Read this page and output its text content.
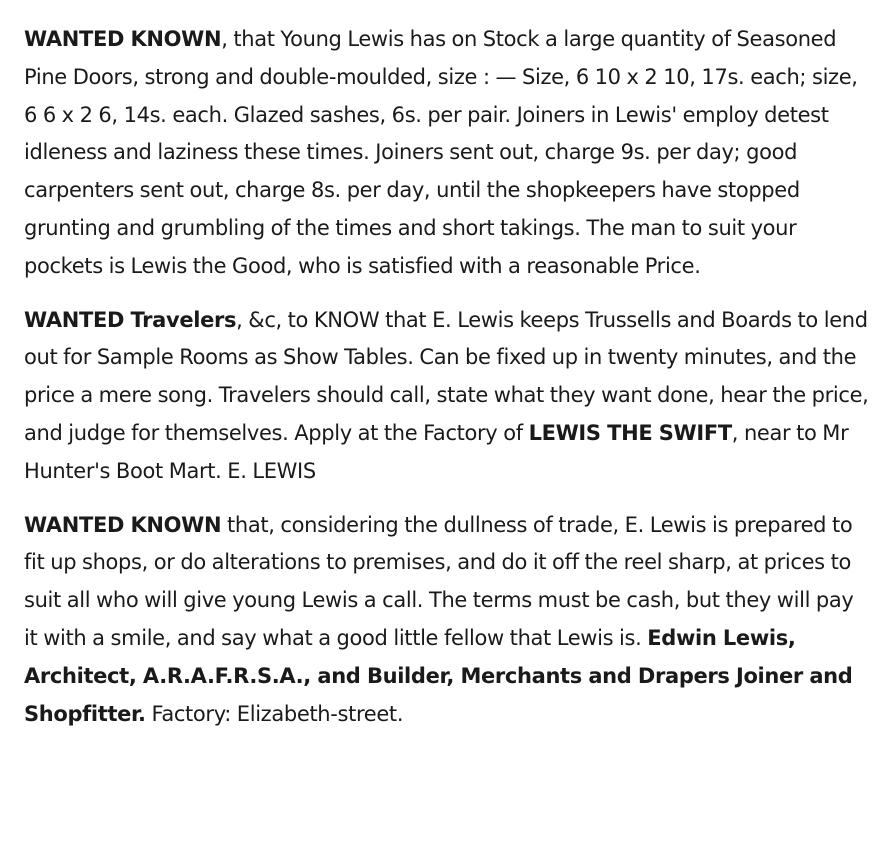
WANTED KNOWN, that Young Lewis has on Stock a large quantity of Seasoned Pine Doors, strong and double-moulded, size : — Size, 6 10 x 2 10, 17s. each; size, 6 6 x 2 6, 14s. each. Glazed sashes, 6s. per pair. Joiners in Lewis' employ detest idleness and laziness these times. Joiners sent out, charge 9s. per day; good carpenters sent out, charge 8s. per day, until the shopkeepers have stopped grunting and grumbling of the times and short takings. The man to suit your pockets is Lewis the Good, who is satisfied with a reasonable Price.

WANTED Travelers, &c, to KNOW that E. Lewis keeps Trussells and Boards to lend out for Sample Rooms as Show Tables. Can be fixed up in twenty minutes, and the price a mere song. Travelers should call, state what they want done, hear the price, and judge for themselves. Apply at the Factory of LEWIS THE SWIFT, near to Mr Hunter's Boot Mart. E. LEWIS

WANTED KNOWN that, considering the dullness of trade, E. Lewis is prepared to fit up shops, or do alterations to premises, and do it off the reel sharp, at prices to suit all who will give young Lewis a call. The terms must be cash, but they will pay it with a smile, and say what a good little fellow that Lewis is. Edwin Lewis, Architect, A.R.A.F.R.S.A., and Builder, Merchants and Drapers Joiner and Shopfitter. Factory: Elizabeth-street.
